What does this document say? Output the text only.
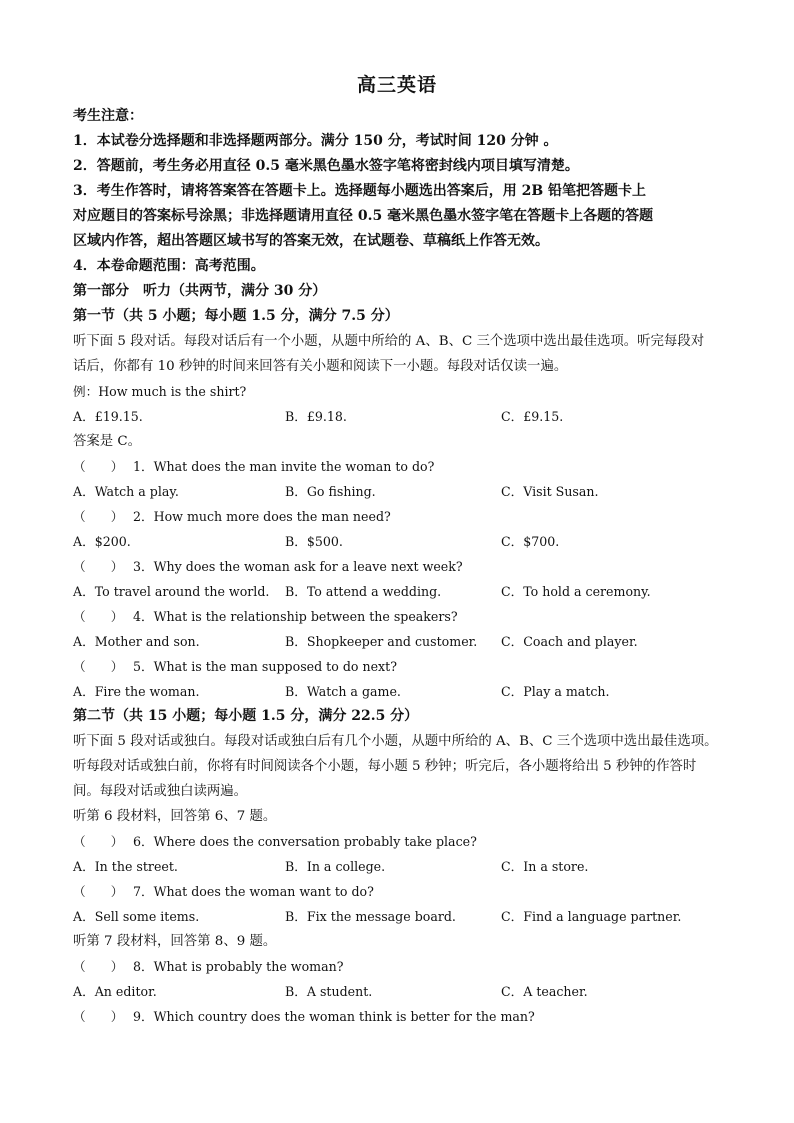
高三英语
考生注意：
1．本试卷分选择题和非选择题两部分。满分 150 分，考试时间 120 分钟 。
2．答题前，考生务必用直径 0.5 毫米黑色墨水签字笔将密封线内项目填写清楚。
3．考生作答时，请将答案答在答题卡上。选择题每小题选出答案后，用 2B 铅笔把答题卡上
对应题目的答案标号涂黑；非选择题请用直径 0.5 毫米黑色墨水签字笔在答题卡上各题的答题
区域内作答，超出答题区域书写的答案无效，在试题卷、草稿纸上作答无效。
4．本卷命题范围：高考范围。
第一部分　听力（共两节，满分 30 分）
第一节（共 5 小题；每小题 1.5 分，满分 7.5 分）
听下面 5 段对话。每段对话后有一个小题，从题中所给的 A、B、C 三个选项中选出最佳选项。听完每段对
话后，你都有 10 秒钟的时间来回答有关小题和阅读下一小题。每段对话仅读一遍。
例：How much is the shirt?
A．£19.15.	B．£9.18.	C．£9.15.
答案是 C。
（　　） 1．What does the man invite the woman to do?
A．Watch a play.	B．Go fishing.	C．Visit Susan.
（　　） 2．How much more does the man need?
A．$200.	B．$500.	C．$700.
（　　） 3．Why does the woman ask for a leave next week?
A．To travel around the world. B．To attend a wedding.	C．To hold a ceremony.
（　　） 4．What is the relationship between the speakers?
A．Mother and son.	B．Shopkeeper and customer. C．Coach and player.
（　　） 5．What is the man supposed to do next?
A．Fire the woman.	B．Watch a game.	C．Play a match.
第二节（共 15 小题；每小题 1.5 分，满分 22.5 分）
听下面 5 段对话或独白。每段对话或独白后有几个小题，从题中所给的 A、B、C 三个选项中选出最佳选项。
听每段对话或独白前，你将有时间阅读各个小题，每小题 5 秒钟；听完后，各小题将给出 5 秒钟的作答时
间。每段对话或独白读两遍。
听第 6 段材料，回答第 6、7 题。
（　　） 6．Where does the conversation probably take place?
A．In the street.	B．In a college.	C．In a store.
（　　） 7．What does the woman want to do?
A．Sell some items.	B．Fix the message board.	C．Find a language partner.
听第 7 段材料，回答第 8、9 题。
（　　） 8．What is probably the woman?
A．An editor.	B．A student.	C．A teacher.
（　　） 9．Which country does the woman think is better for the man?
